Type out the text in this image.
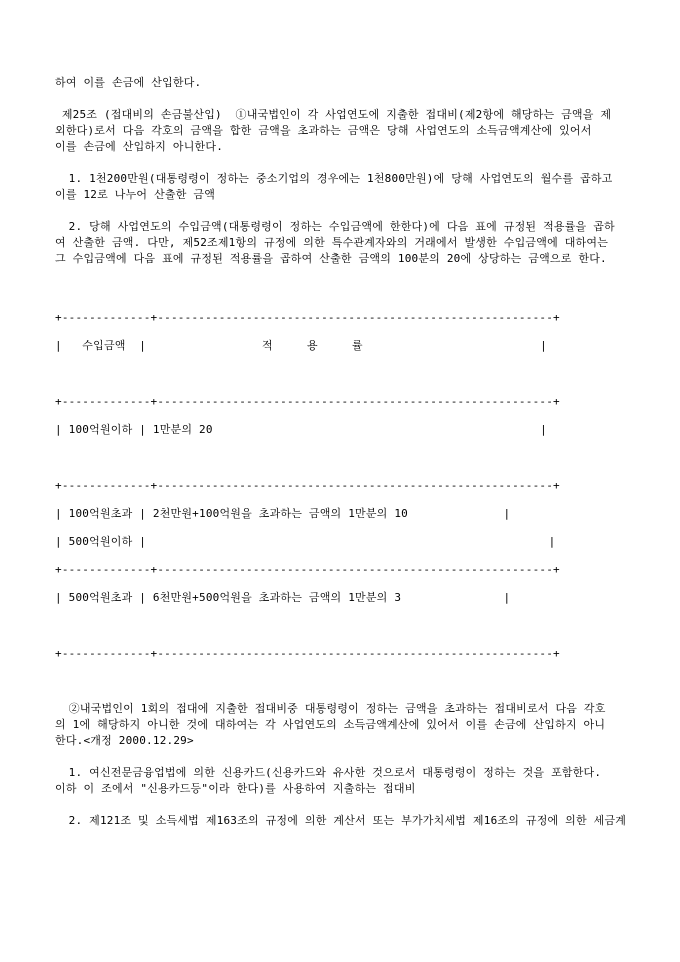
하여 이를 손금에 산입한다.
제25조 (접대비의 손금불산입)  ①내국법인이 각 사업연도에 지출한 접대비(제2항에 해당하는 금액을 제
외한다)로서 다음 각호의 금액을 합한 금액을 초과하는 금액은 당해 사업연도의 소득금액계산에 있어서
이를 손금에 산입하지 아니한다.
1. 1천200만원(대통령령이 정하는 중소기업의 경우에는 1천800만원)에 당해 사업연도의 월수를 곱하고
이를 12로 나누어 산출한 금액
2. 당해 사업연도의 수입금액(대통령령이 정하는 수입금액에 한한다)에 다음 표에 규정된 적용률을 곱하
여 산출한 금액. 다만, 제52조제1항의 규정에 의한 특수관계자와의 거래에서 발생한 수입금액에 대하여는
그 수입금액에 다음 표에 규정된 적용률을 곱하여 산출한 금액의 100분의 20에 상당하는 금액으로 한다.
+-------------+----------------------------------------------------------+

|   수입금액  |                 적     용     률                          |

+-------------+----------------------------------------------------------+

| 100억원이하 | 1만분의 20                                                |

+-------------+----------------------------------------------------------+

| 100억원초과 | 2천만원+100억원을 초과하는 금액의 1만분의 10              |

| 500억원이하 |                                                           |

+-------------+----------------------------------------------------------+

| 500억원초과 | 6천만원+500억원을 초과하는 금액의 1만분의 3               |

+-------------+----------------------------------------------------------+
②내국법인이 1회의 접대에 지출한 접대비중 대통령령이 정하는 금액을 초과하는 접대비로서 다음 각호
의 1에 해당하지 아니한 것에 대하여는 각 사업연도의 소득금액계산에 있어서 이를 손금에 산입하지 아니
한다.<개정 2000.12.29>
1. 여신전문금융업법에 의한 신용카드(신용카드와 유사한 것으로서 대통령령이 정하는 것을 포함한다.
이하 이 조에서 "신용카드등"이라 한다)를 사용하여 지출하는 접대비
2. 제121조 및 소득세법 제163조의 규정에 의한 계산서 또는 부가가치세법 제16조의 규정에 의한 세금계
